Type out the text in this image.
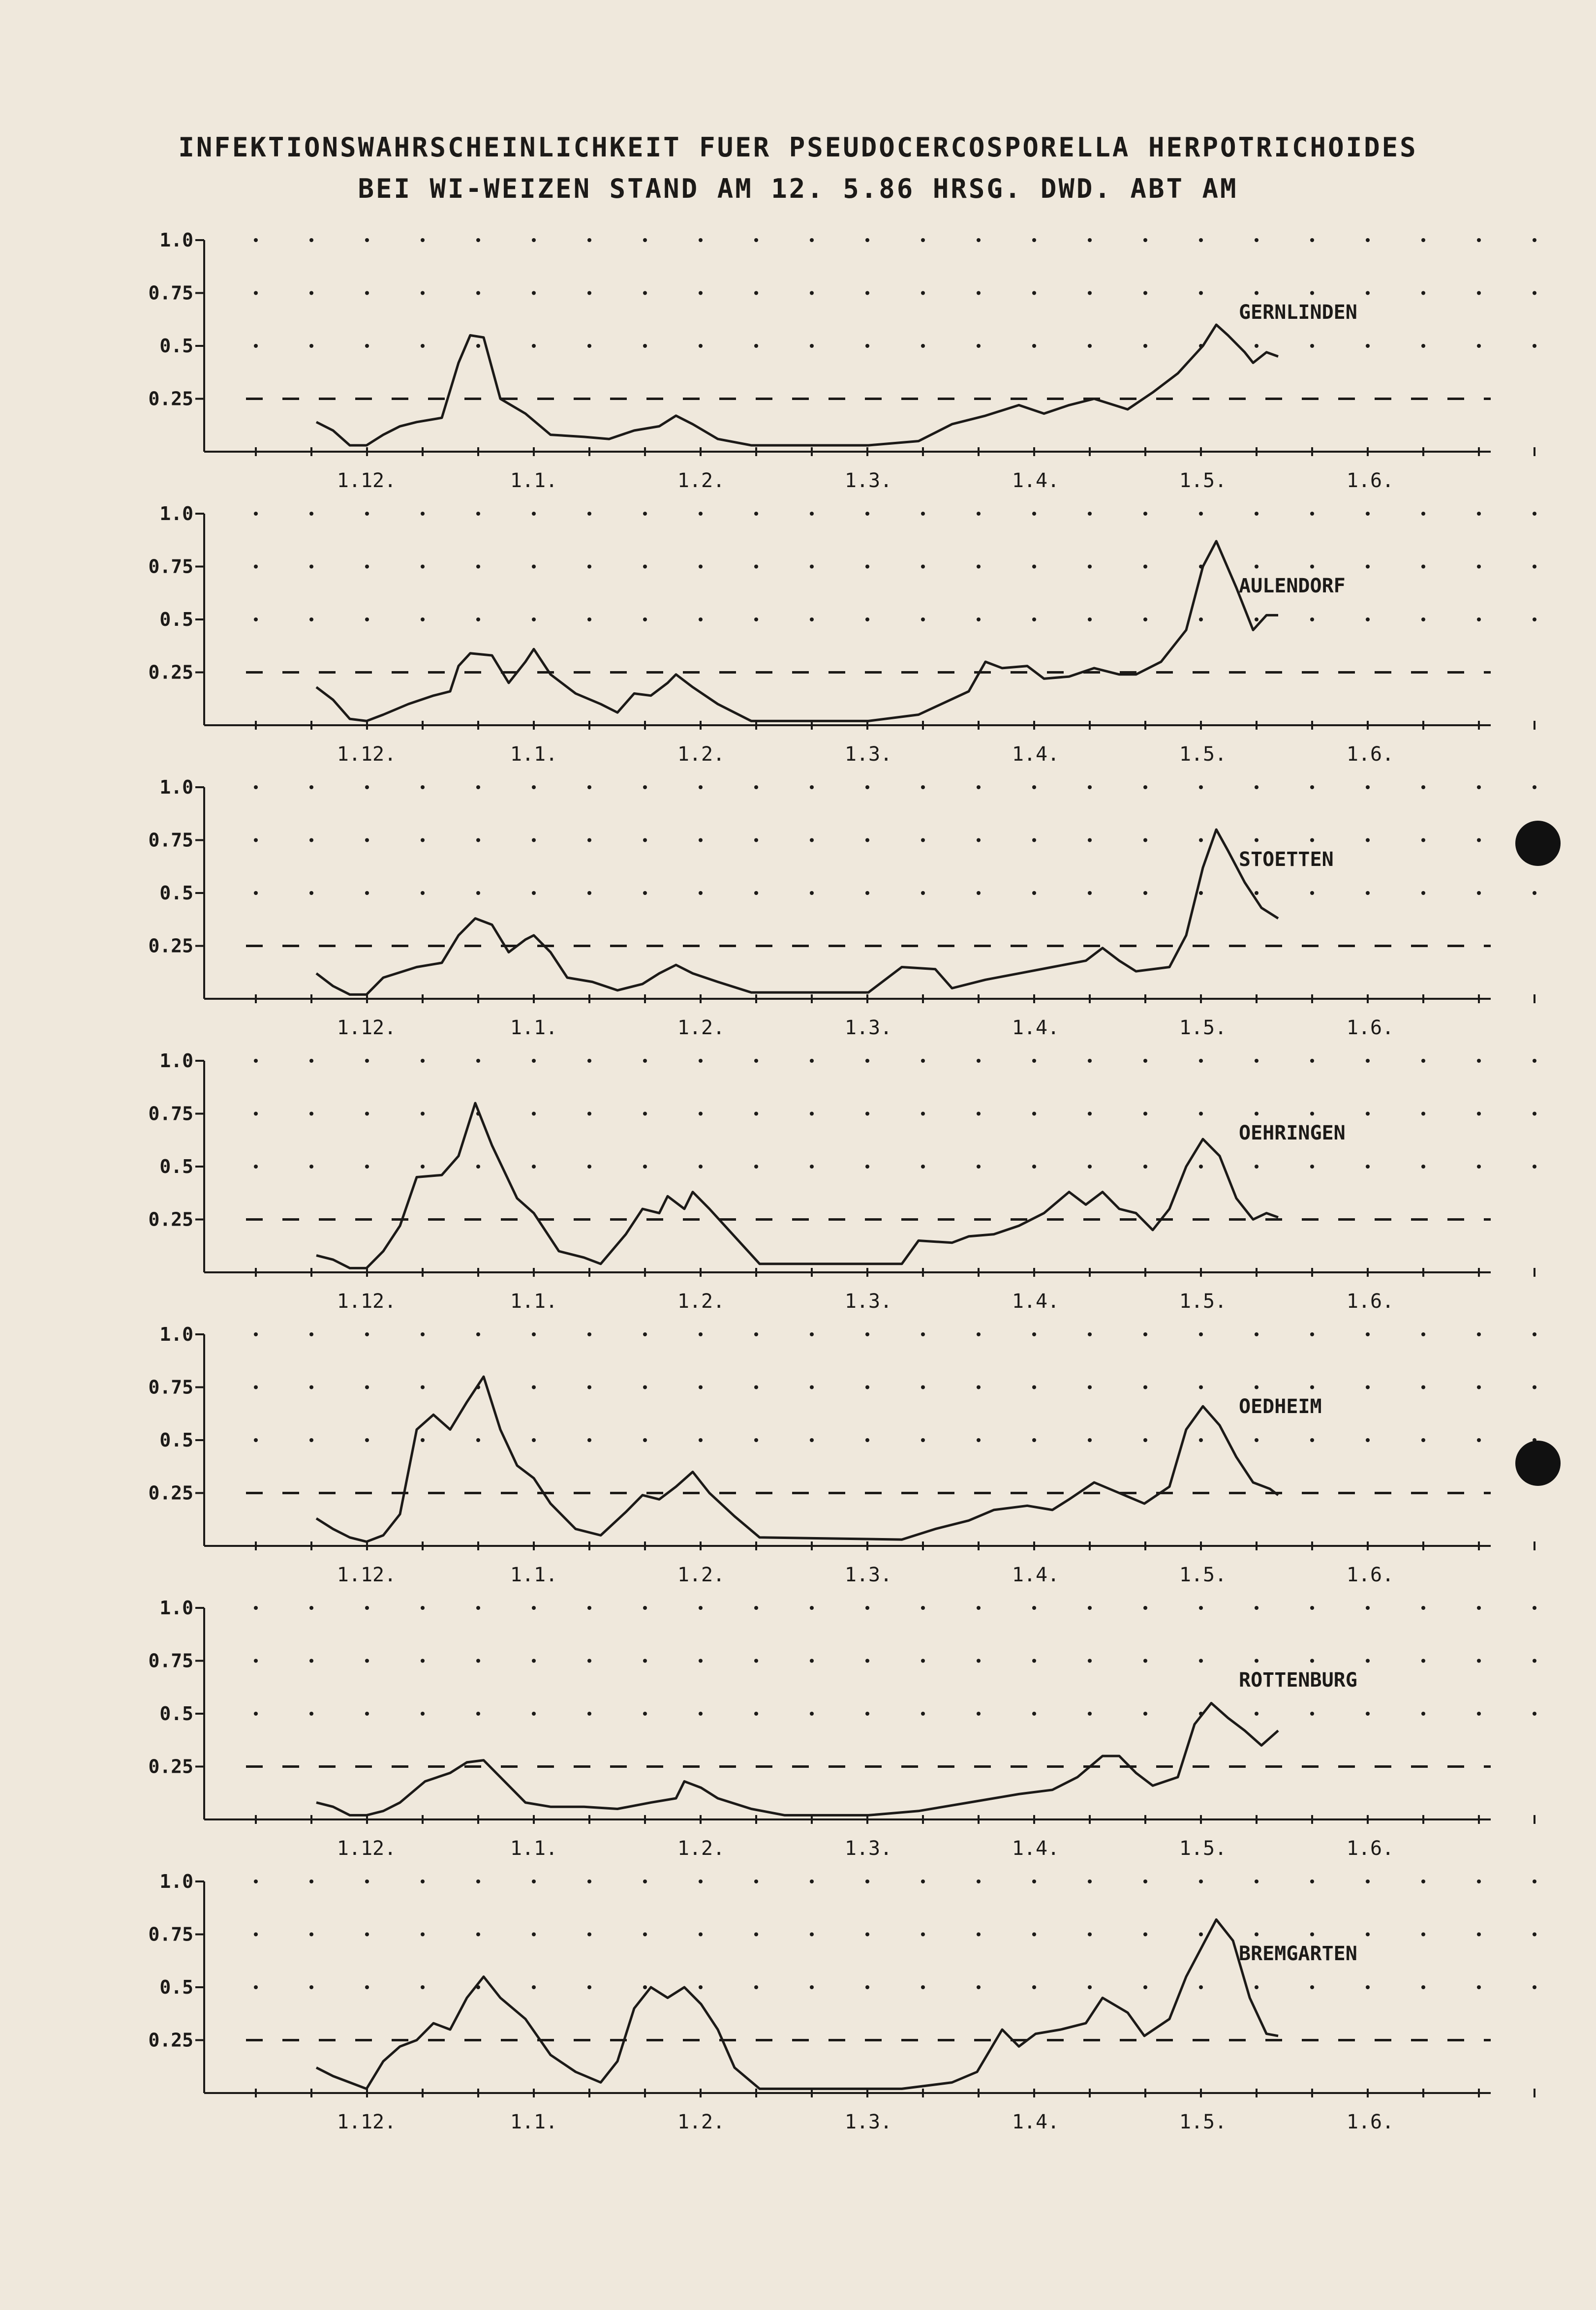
INFEKTIONSWAHRSCHEINLICHKEIT FUER PSEUDOCERCOSPORELLA HERPOTRICHOIDES
BEI WI-WEIZEN STAND AM 12. 5.86 HRSG. DWD. ABT AM
1.0
0.75
0.5
0.25
1.12.	1.1.	1.2.	1.3.	1.4.	1.5.	1.6.
GERNLINDEN
1.0
0.75
0.5
0.25
1.12.	1.1.	1.2.	1.3.	1.4.	1.5.	1.6.
AULENDORF
1.0
0.75
0.5
0.25
1.12.	1.1.	1.2.	1.3.	1.4.	1.5.	1.6.
STOETTEN
1.0
0.75
0.5
0.25
1.12.	1.1.	1.2.	1.3.	1.4.	1.5.	1.6.
OEHRINGEN
1.0
0.75
0.5
0.25
1.12.	1.1.	1.2.	1.3.	1.4.	1.5.	1.6.
OEDHEIM
1.0
0.75
0.5
0.25
1.12.	1.1.	1.2.	1.3.	1.4.	1.5.	1.6.
ROTTENBURG
1.0
0.75
0.5
0.25
1.12.	1.1.	1.2.	1.3.	1.4.	1.5.	1.6.
BREMGARTEN
